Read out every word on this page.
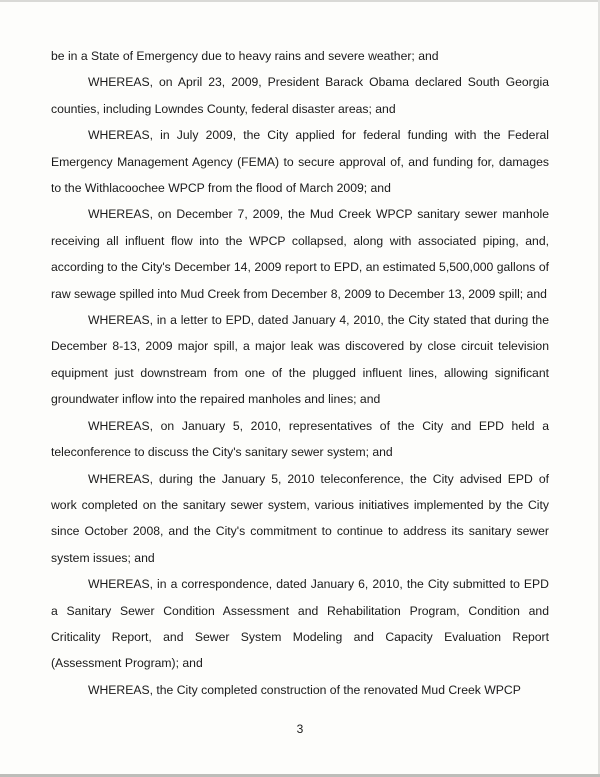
be in a State of Emergency due to heavy rains and severe weather; and

WHEREAS, on April 23, 2009, President Barack Obama declared South Georgia counties, including Lowndes County, federal disaster areas; and

WHEREAS, in July 2009, the City applied for federal funding with the Federal Emergency Management Agency (FEMA) to secure approval of, and funding for, damages to the Withlacoochee WPCP from the flood of March 2009; and

WHEREAS, on December 7, 2009, the Mud Creek WPCP sanitary sewer manhole receiving all influent flow into the WPCP collapsed, along with associated piping, and, according to the City's December 14, 2009 report to EPD, an estimated 5,500,000 gallons of raw sewage spilled into Mud Creek from December 8, 2009 to December 13, 2009 spill; and

WHEREAS, in a letter to EPD, dated January 4, 2010, the City stated that during the December 8-13, 2009 major spill, a major leak was discovered by close circuit television equipment just downstream from one of the plugged influent lines, allowing significant groundwater inflow into the repaired manholes and lines; and

WHEREAS, on January 5, 2010, representatives of the City and EPD held a teleconference to discuss the City's sanitary sewer system; and

WHEREAS, during the January 5, 2010 teleconference, the City advised EPD of work completed on the sanitary sewer system, various initiatives implemented by the City since October 2008, and the City's commitment to continue to address its sanitary sewer system issues; and

WHEREAS, in a correspondence, dated January 6, 2010, the City submitted to EPD a Sanitary Sewer Condition Assessment and Rehabilitation Program, Condition and Criticality Report, and Sewer System Modeling and Capacity Evaluation Report (Assessment Program); and

WHEREAS, the City completed construction of the renovated Mud Creek WPCP

3
